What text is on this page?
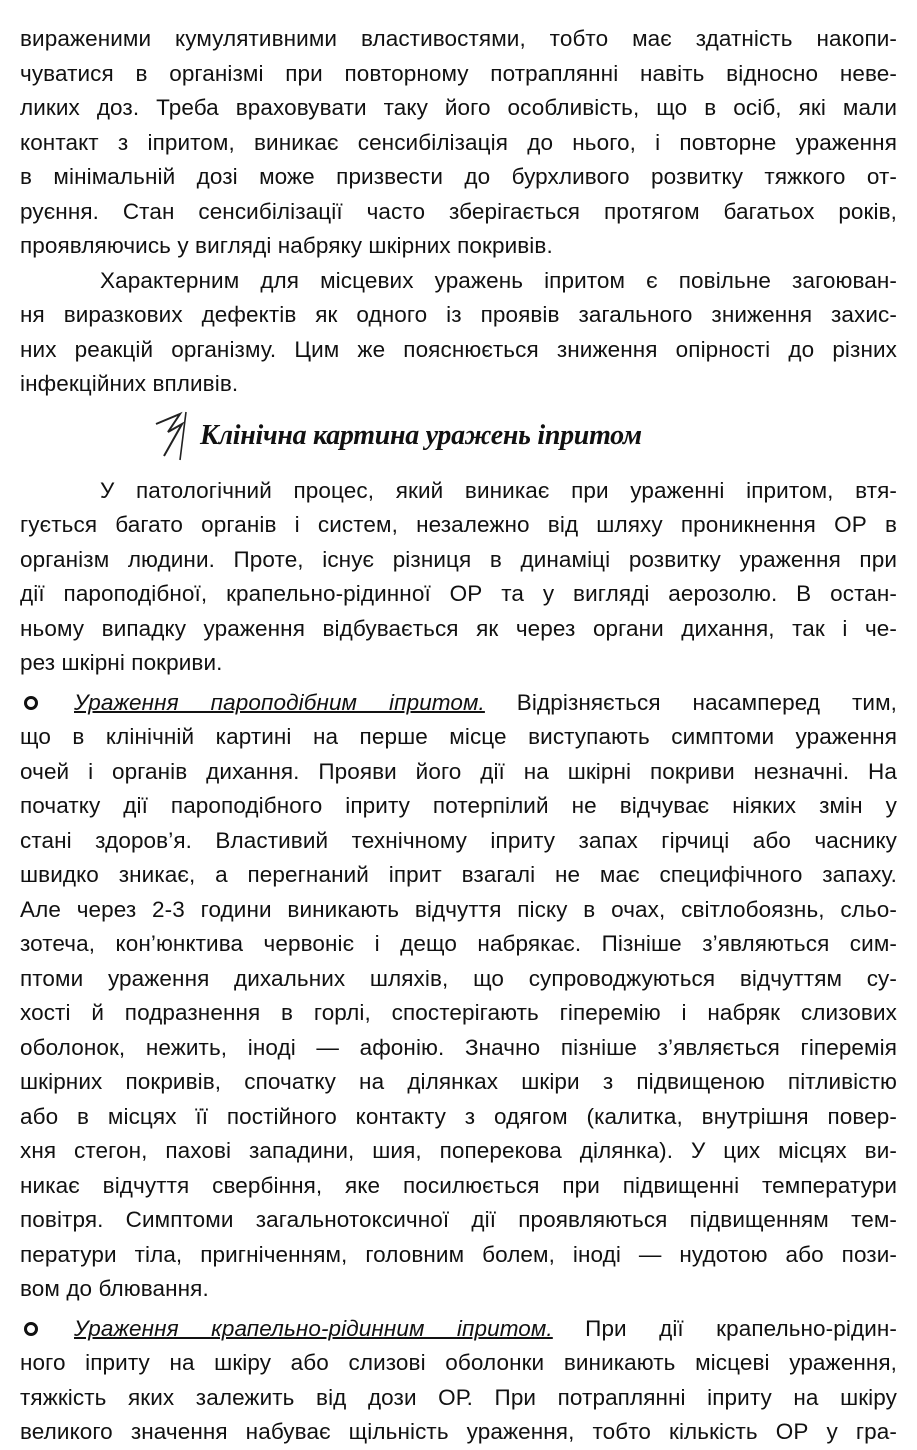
вираженими кумулятивними властивостями, тобто має здатність накопи-
чуватися в організмі при повторному потраплянні навіть відносно неве-
ликих доз. Треба враховувати таку його особливість, що в осіб, які мали
контакт з іпритом, виникає сенсибілізація до нього, і повторне ураження
в мінімальній дозі може призвести до бурхливого розвитку тяжкого от-
руєння. Стан сенсибілізації часто зберігається протягом багатьох років,
проявляючись у вигляді набряку шкірних покривів.
Характерним для місцевих уражень іпритом є повільне загоюван-
ня виразкових дефектів як одного із проявів загального зниження захис-
них реакцій організму. Цим же пояснюється зниження опірності до різних
інфекційних впливів.
Клінічна картина уражень іпритом
У патологічний процес, який виникає при ураженні іпритом, втя-
гується багато органів і систем, незалежно від шляху проникнення ОР в
організм людини. Проте, існує різниця в динаміці розвитку ураження при
дії пароподібної, крапельно-рідинної ОР та у вигляді аерозолю. В остан-
ньому випадку ураження відбувається як через органи дихання, так і че-
рез шкірні покриви.
Ураження пароподібним іпритом. Відрізняється насамперед тим,
що в клінічній картині на перше місце виступають симптоми ураження
очей і органів дихання. Прояви його дії на шкірні покриви незначні. На
початку дії пароподібного іприту потерпілий не відчуває ніяких змін у
стані здоров’я. Властивий технічному іприту запах гірчиці або часнику
швидко зникає, а перегнаний іприт взагалі не має специфічного запаху.
Але через 2-3 години виникають відчуття піску в очах, світлобоязнь, сльо-
зотеча, кон’юнктива червоніє і дещо набрякає. Пізніше з’являються сим-
птоми ураження дихальних шляхів, що супроводжуються відчуттям су-
хості й подразнення в горлі, спостерігають гіперемію і набряк слизових
оболонок, нежить, іноді — афонію. Значно пізніше з’являється гіперемія
шкірних покривів, спочатку на ділянках шкіри з підвищеною пітливістю
або в місцях її постійного контакту з одягом (калитка, внутрішня повер-
хня стегон, пахові западини, шия, поперекова ділянка). У цих місцях ви-
никає відчуття свербіння, яке посилюється при підвищенні температури
повітря. Симптоми загальнотоксичної дії проявляються підвищенням тем-
ператури тіла, пригніченням, головним болем, іноді — нудотою або пози-
вом до блювання.
Ураження крапельно-рідинним іпритом. При дії крапельно-рідин-
ного іприту на шкіру або слизові оболонки виникають місцеві ураження,
тяжкість яких залежить від дози ОР. При потраплянні іприту на шкіру
великого значення набуває щільність ураження, тобто кількість ОР у гра-
